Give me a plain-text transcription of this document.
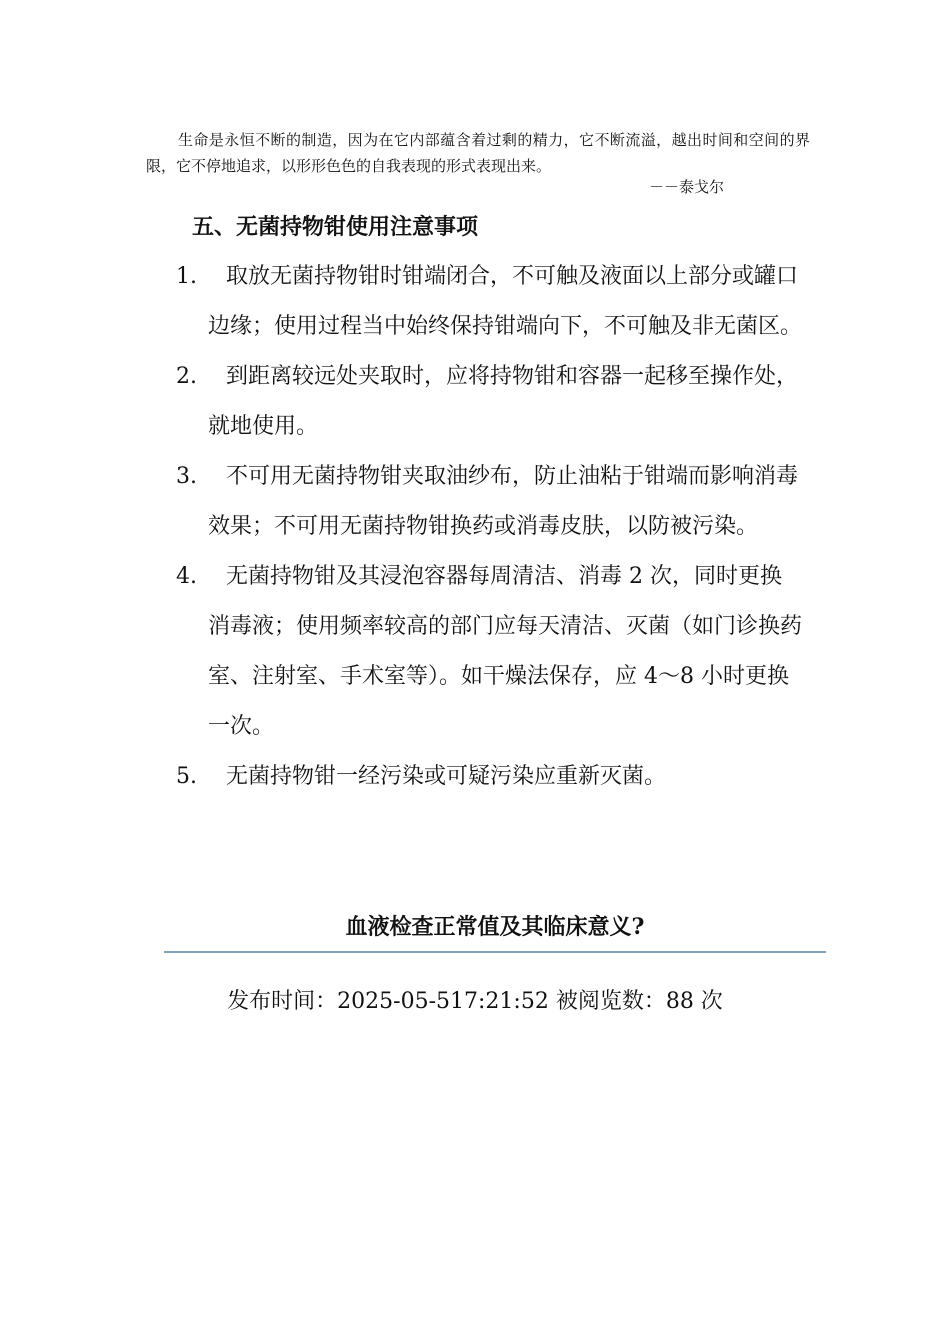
生命是永恒不断的制造，因为在它内部蕴含着过剩的精力，它不断流溢，越出时间和空间的界限，它不停地追求，以形形色色的自我表现的形式表现出来。

－－泰戈尔

五、无菌持物钳使用注意事项
1.	取放无菌持物钳时钳端闭合，不可触及液面以上部分或罐口边缘；使用过程当中始终保持钳端向下，不可触及非无菌区。
2.	到距离较远处夹取时，应将持物钳和容器一起移至操作处，就地使用。
3.	不可用无菌持物钳夹取油纱布，防止油粘于钳端而影响消毒效果；不可用无菌持物钳换药或消毒皮肤，以防被污染。
4.	无菌持物钳及其浸泡容器每周清洁、消毒 2 次，同时更换消毒液；使用频率较高的部门应每天清洁、灭菌（如门诊换药室、注射室、手术室等）。如干燥法保存，应 4～8 小时更换一次。
5.	无菌持物钳一经污染或可疑污染应重新灭菌。
血液检查正常值及其临床意义?

发布时间：2025-05-517:21:52 被阅览数：88 次
